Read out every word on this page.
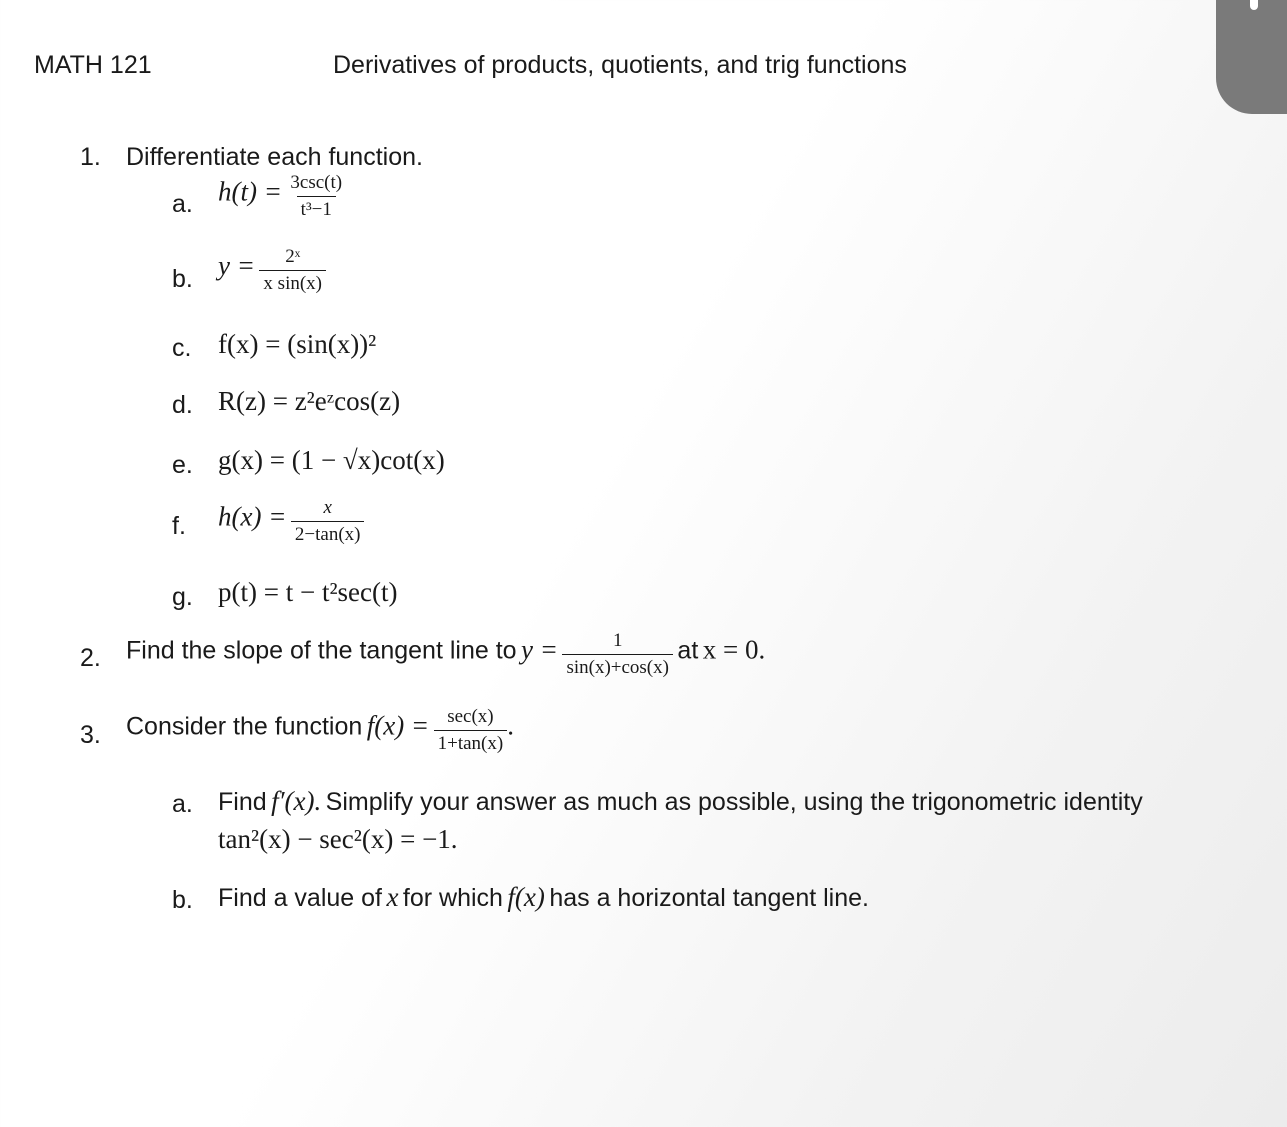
MATH 121	Derivatives of products, quotients, and trig functions
1. Differentiate each function.
a. $h(t) = \frac{3\csc(t)}{\text{t³−1}}$
b. $y = \frac{\text{2ˣ}}{\text{x sin(x)}}$
c. f(x) = (sin(x))²
d. R(z) = z²eᶻcos(z)
e. g(x) = (1 − √x)cot(x)
f. $h(x) = \frac{x}{2-\tan(x)}$
g. p(t) = t − t²sec(t)
2. Find the slope of the tangent line to $y = \frac{1}{\sin(x)+\cos(x)}$ at x = 0.
3. Consider the function $f(x) = \frac{\sec(x)}{1+\tan(x)}$ .
a. Find f′(x). Simplify your answer as much as possible, using the trigonometric identity
tan²(x) − sec²(x) = −1.
b. Find a value of x for which f(x) has a horizontal tangent line.
